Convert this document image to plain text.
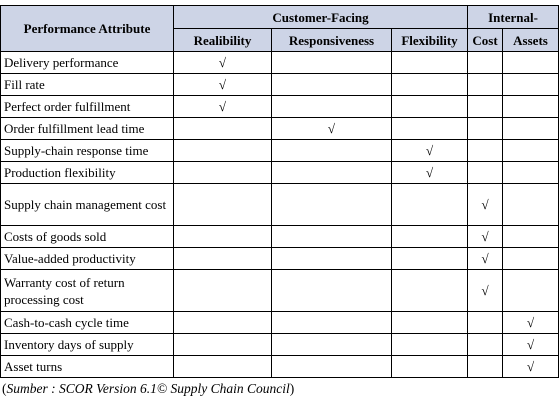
Performance Attribute	Customer-Facing			Internal-	
	Realibility	Responsiveness	Flexibility	Cost	Assets
Delivery performance	√				
Fill rate	√				
Perfect order fulfillment	√				
Order fulfillment lead time		√			
Supply-chain response time			√		
Production flexibility			√		
Supply chain management cost				√	
Costs of goods sold				√	
Value-added productivity				√	
Warranty cost of return processing cost				√	
Cash-to-cash cycle time					√
Inventory days of supply					√
Asset turns					√
(Sumber : SCOR Version 6.1© Supply Chain Council)
